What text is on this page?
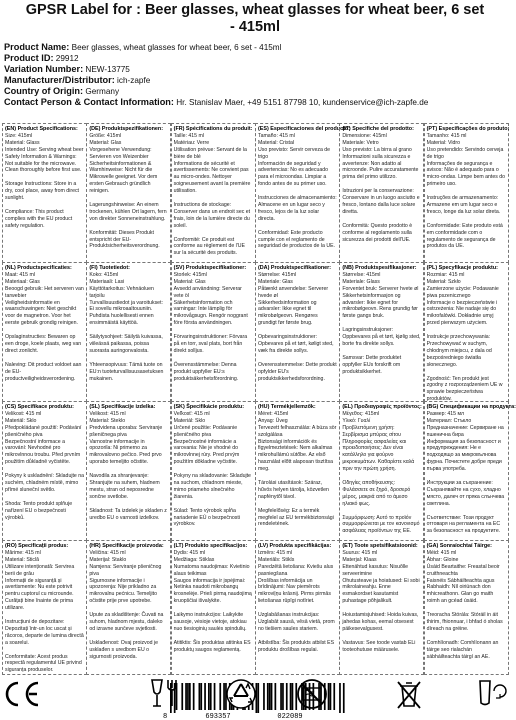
GPSR Label for : Beer glasses, wheat glasses for wheat beer, 6 set
- 415ml
Product Name: Beer glasses, wheat glasses for wheat beer, 6 set - 415ml
Product ID: 29912
Variation Number: NEW-13775
Manufacturer/Distributor: ich-zapfe
Country of Origin: Germany
Contact Person & Contact Information: Hr. Stanislav Maer, +49 5151 87798 10, kundenservice@ich-zapfe.de
(EN) Product Specifications:
Size: 415ml
Material: Glass
Intended Use: Serving wheat beer
Safety Information & Warnings: Not suitable for the microwave. Clean thoroughly before first use.

Storage Instructions: Store in a dry, cool place, away from direct sunlight.

Compliance: This product complies with the EU product safety regulation.
(DE) Produktspezifikationen:
Größe: 415ml
Material: Glas
Vorgesehene Verwendung: Servieren von Weizenbier
Sicherheitsinformationen & Warnhinweise: Nicht für die Mikrowelle geeignet. Vor dem ersten Gebrauch gründlich reinigen.

Lagerungshinweise: An einem trockenen, kühlen Ort lagern, fern von direkter Sonneneinstrahlung.

Konformität: Dieses Produkt entspricht der EU-Produktsicherheitsverordnung.
(FR) Spécifications du produit:
Taille: 415 ml
Matériau: Verre
Utilisation prévue: Servant de la bière de blé
Informations de sécurité et avertissements: Ne convient pas au micro-ondes. Nettoyer soigneusement avant la première utilisation.

Instructions de stockage: Conserver dans un endroit sec et frais, loin de la lumière directe du soleil.

Conformité: Ce produit est conforme au règlement de l'UE sur la sécurité des produits.
(ES) Especificaciones del producto:
Tamaño: 415 ml
Material: Cristal
Uso previsto: Servir cerveza de trigo
Información de seguridad y advertencias: No es adecuado para el microondas. Limpiar a fondo antes de su primer uso.

Instrucciones de almacenamiento: Almacene en un lugar seco y fresco, lejos de la luz solar directa.

Conformidad: Este producto cumple con el reglamento de seguridad de productos de la UE.
(IT) Specifiche del prodotto:
Dimensione: 415ml
Materiale: Vetro
Uso previsto: La birra al grano
Informazioni sulla sicurezza e avvertenze: Non adatto al microonde. Pulire accuratamente prima del primo utilizzo.

Istruzioni per la conservazione: Conservare in un luogo asciutto e fresco, lontano dalla luce solare diretta.

Conformità: Questo prodotto è conforme al regolamento sulla sicurezza dei prodotti dell'UE.
(PT) Especificações do produto:
Tamanho: 415 ml
Material: Vidro
Uso pretendido: Servindo cerveja de trigo
Informações de segurança e avisos: Não é adequado para o micro-ondas. Limpe bem antes do primeiro uso.

Instruções de armazenamento: Armazene em um lugar seco e fresco, longe da luz solar direta.

Conformidade: Este produto está em conformidade com o regulamento de segurança de produtos da UE.
(NL) Productspecificaties:
Maat: 415 ml
Materiaal: Glas
Beoogd gebruik: Het serveren van tarwebier
Veiligheidsinformatie en waarschuwingen: Niet geschikt voor de magnetron. Voor het eerste gebruik grondig reinigen.

Opslaginstructies: Bewaren op een droge, koele plaats, weg van direct zonlicht.

Naleving: Dit product voldoet aan de EU-productveiligheidsverordening.
(FI) Tuotetiedot:
Koko: 415ml
Materiaali: Lasi
Käyttötarkoitus: Vehnäoluen tarjoilu
Turvallisuustiedot ja varoitukset: Ei sovellu mikroaaltouuniin. Puhdista huolellisesti ennen ensimmäistä käyttöä.

Säilytysohjeet: Säilytä kuivassa, viileässä paikassa, poissa suorasta auringonvalosta.

Yhteensopivuus: Tämä tuote on EU:n tuoteturvallisuusasetuksen mukainen.
(SV) Produktspecifikationer:
Storlek: 415ml
Material: Glas
Avsedd användning: Serverar vete öl
Säkerhetsinformation och varningar: Inte lämplig för mikrovågsugn. Rengör noggrant före första användningen.

Förvaringsinstruktioner: Förvara på en torr, sval plats, bort från direkt solljus.

Överensstämmelse: Denna produkt uppfyller EU:s produktsäkerhetsförordning.
(DA) Produktspecifikationer:
Størrelse: 415ml
Materiale: Glas
Påtænkt anvendelse: Serverer hvede øl
Sikkerhedsinformation og advarsler: Ikke egnet til mikrobølgeovn. Rengøres grundigt før første brug.

Opbevaringsinstruktioner: Opbevares på et tørt, køligt sted, væk fra direkte sollys.

Overensstemmelse: Dette produkt opfylder EU's produktsikkerhedsforordning.
(NB) Produktspesifikasjoner:
Størrelse: 415ml
Materiale: Glass
Forventet bruk: Serverer hvete øl
Sikkerhetsinformasjon og advarsler: Ikke egnet for mikrobølgeovn. Rens grundig før første gangs bruk.

Lagringsinstruksjoner: Oppbevares på et tørt, kjølig sted, borte fra direkte sollys.

Samsvar: Dette produktet oppfyller EUs forskrift om produktsikkerhet.
(PL) Specyfikacje produktu:
Rozmiar: 415 ml
Materiał: Szkło
Zamierzone użycie: Podawanie piwa pszenicznego
Informacje o bezpieczeństwie i ostrzeżenia: Nie nadaje się do mikrofalówki. Dokładnie umyj przed pierwszym użyciem.

Instrukcje przechowywania: Przechowywać w suchym, chłodnym miejscu, z dala od bezpośredniego światła słonecznego.

Zgodność: Ten produkt jest zgodny z rozporządzeniem UE w sprawie bezpieczeństwa produktów.
(CS) Specifikace produktu:
Velikost: 415 ml
Materiál: Sklo
Předpokládané použití: Podávání pšeničného piva
Bezpečnostní informace a varování: Nevhodné pro mikrovlnnou troubu. Před prvním použitím důkladně vyčistěte.

Pokyny k uskladnění: Skladujte na suchém, chladném místě, mimo přímé sluneční světlo.

Shoda: Tento produkt splňuje nařízení EU o bezpečnosti výrobků.
(SL) Specifikacije izdelka:
Velikost: 415 ml
Material: Steklo
Predvidena uporaba: Serviranje pšeničnega piva
Varnostne informacije in opozorila: Ni primerno za mikrovalovno pečico. Pred prvo uporabo temeljito očistite.

Navodila za shranjevanje: Shranjujte na suhem, hladnem mestu, stran od neposredne sončne svetlobe.

Skladnost: Ta izdelek je skladen z uredbo EU o varnosti izdelkov.
(SK) Špecifikácie produktu:
Veľkosť: 415 ml
Materiál: Sklo
Určené použitie: Podávanie pšeničného piva
Bezpečnostné informácie a varovania: Nie je vhodné do mikrovlnnej rúry. Pred prvým použitím dôkladne vyčistite.

Pokyny na skladovanie: Skladujte na suchom, chladnom mieste, mimo priameho slnečného žiarenia.

Súlad: Tento výrobok spĺňa nariadenie EÚ o bezpečnosti výrobkov.
(HU) Termékjellemzők:
Méret: 415ml
Anyag: Üveg
Tervezett felhasználás: A búza sör szolgálása
Biztonsági információk és figyelmeztetések: Nem alkalmas mikrohullámú sütőbe. Az első használat előtt alaposan tisztítsa meg.

Tárolási utasítások: Száraz, hűvös helyen tárolja, közvetlen napfénytől távol.

Megfelelőség: Ez a termék megfelel az EU termékbiztonsági rendeletének.
(EL) Προδιαγραφές προϊόντος:
Μέγεθος: 415ml
Υλικό: Γυαλί
Προβλεπόμενη χρήση: Σερβίρισμα μπύρας σίτου
Πληροφορίες ασφαλείας και προειδοποιήσεις: Δεν είναι κατάλληλο για φούρνο μικροκυμάτων. Καθαρίστε καλά πριν την πρώτη χρήση.

Οδηγίες αποθήκευσης: Φυλάσσετε σε ξηρό, δροσερό μέρος, μακριά από το άμεσο ηλιακό φως.

Συμμόρφωση: Αυτό το προϊόν συμμορφώνεται με τον κανονισμό ασφάλειας προϊόντων της ΕΕ.
(BG) Спецификации на продукта:
Размер: 415 мл
Материал: Стъкло
Предназначение: Сервиране на пшенична бира
Информация за безопасност и предупреждения: Не е подходящо за микровълнова фурна. Почистете добре преди първа употреба.

Инструкции за съхранение: Съхранявайте на сухо, хладно място, далеч от пряка слънчева светлина.

Съответствие: Този продукт отговаря на регламента на ЕС за безопасност на продуктите.
(RO) Specificații produs:
Mărime: 415 ml
Material: Sticlă
Utilizare intenționată: Servirea berii de grâu
Informații de siguranță și avertismente: Nu este potrivit pentru cuptorul cu microunde. Curățați bine înainte de prima utilizare.

Instrucțiuni de depozitare: Depozitați într-un loc uscat și răcoros, departe de lumina directă a soarelui.

Conformitate: Acest produs respectă regulamentul UE privind siguranța produselor.
(HR) Specifikacije proizvoda:
Veličina: 415 ml
Materijal: Staklo
Namjena: Serviranje pšeničnog piva
Sigurnosne informacije i upozorenja: Nije prikladno za mikrovalnu pećnicu. Temeljito očistite prije prve upotrebe.

Upute za skladištenje: Čuvati na suhom, hladnom mjestu, daleko od izravne sunčeve svjetlosti.

Usklađenost: Ovaj proizvod je usklađen s uredbom EU o sigurnosti proizvoda.
(LT) Produkto specifikacijos:
Dydis: 415 ml
Medžiaga: Stiklas
Numatoma naudojimas: Kvietinio alaus teikimas
Saugos informacija ir įspėjimai: Netinka naudoti mikrobangų krosnelėje. Prieš pirmą naudojimą kruopščiai išvalykite.

Laikymo instrukcijos: Laikykite sausoje, vėsioje vietoje, atokiau nuo tiesioginių saulės spindulių.

Atitiktis: Šis produktas atitinka ES produktų saugos reglamentą.
(LV) Produkta specifikācijas:
Izmērs: 415 ml
Materiāls: Stikls
Paredzētā lietošana: Kviešu alus pasniegšana
Drošības informācija un brīdinājumi: Nav piemērots mikroviļņu krāsnij. Pirms pirmās lietošanas rūpīgi notīriet.

Uzglabāšanas instrukcijas: Uzglabāt sausā, vēsā vietā, prom no tiešiem saules stariem.

Atbilstība: Šis produkts atbilst ES produktu drošības regulai.
(ET) Toote spetsifikatsioonid:
Suurus: 415 ml
Materjal: Klaas
Ettenähtud kasutus: Nisuõlle serveerimine
Ohutusteave ja hoiatused: Ei sobi mikrolaineahju. Enne esmakordset kasutamist puhastage põhjalikult.

Hoiustamisjuhised: Hoida kuivas, jahedas kohas, eemal otsesest päikesevalgusest.

Vastavus: See toode vastab ELi tooteohutuse määrusele.
(GA) Sonraíochtaí Táirge:
Méid: 415 ml
Ábhar: Gloine
Úsáid Beartaithe: Freastal beoir cruithneachta
Faisnéis Sábháilteachta agus Rabhaidh: Níl oiriúnach don mhicreathonn. Glan go maith roimh an gcéad úsáid.

Treoracha Stórála: Stóráil in áit thirim, fhionnuar, i bhfad ó sholas díreach na gréine.

Comhlíonadh: Comhlíonann an táirge seo rialachán sábháilteachta táirgí an AE.
8	693357	022089
